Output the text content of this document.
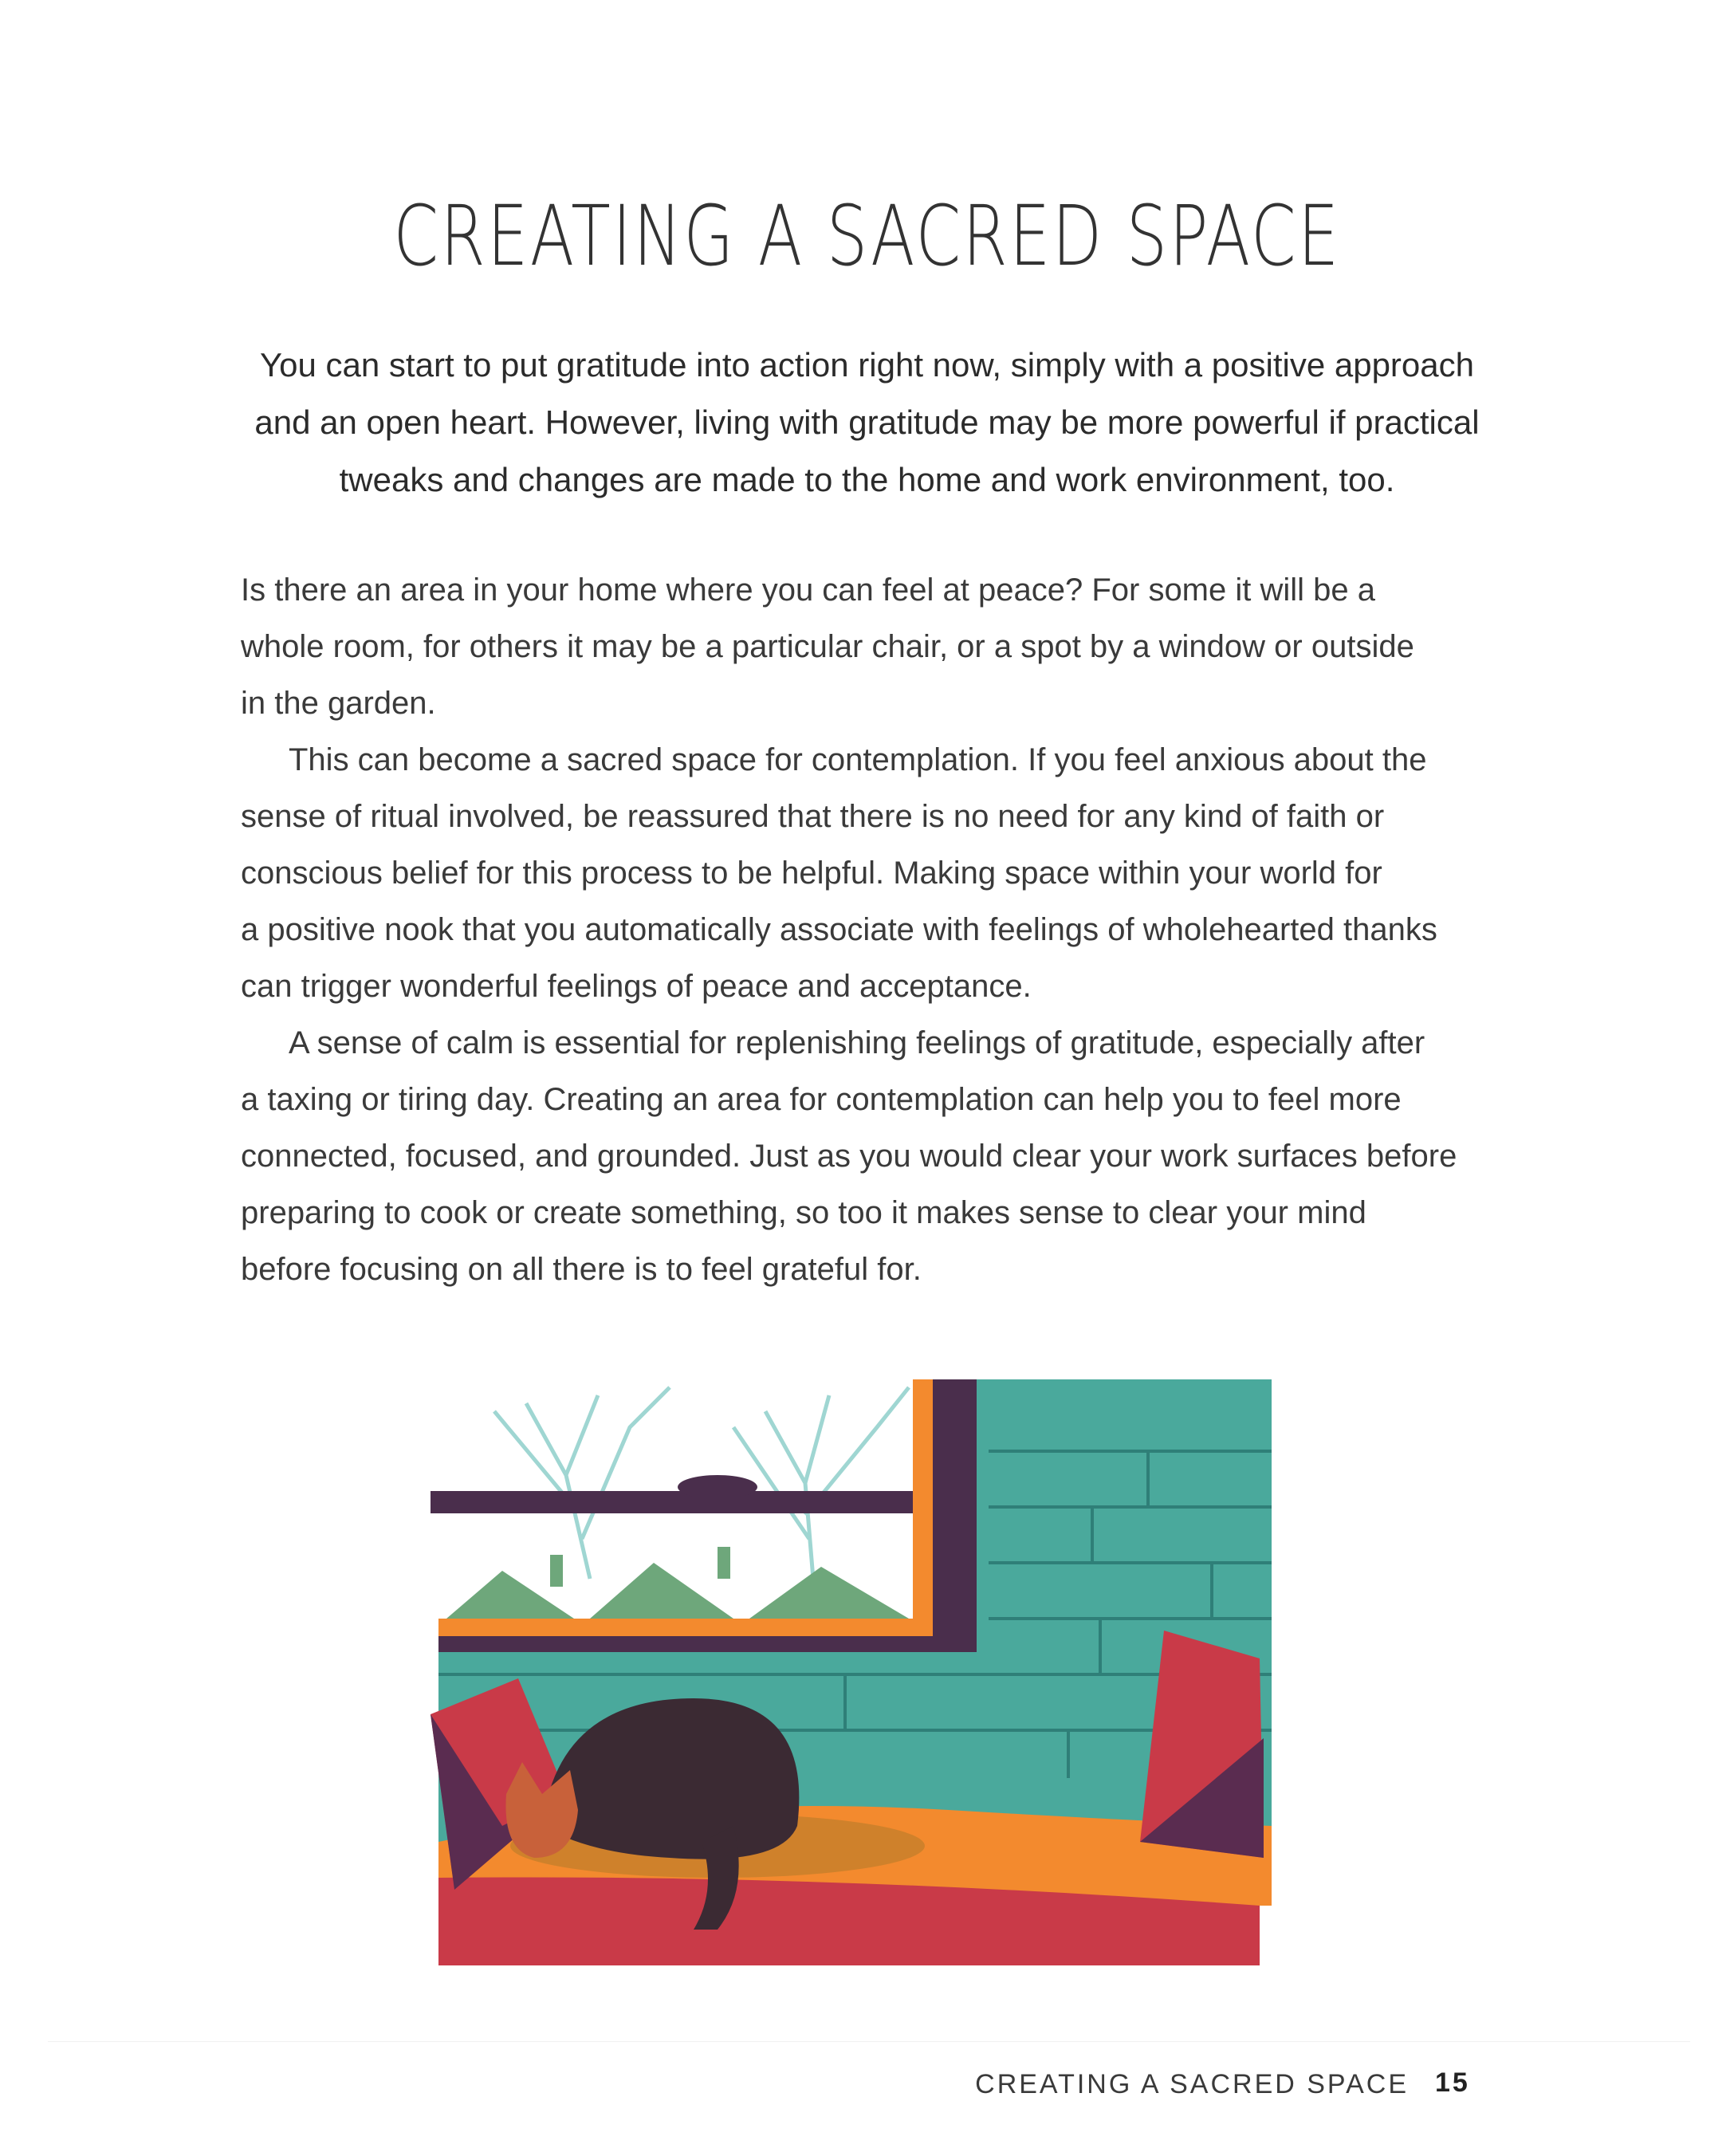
CREATING A SACRED SPACE
You can start to put gratitude into action right now, simply with a positive approach
and an open heart. However, living with gratitude may be more powerful if practical
tweaks and changes are made to the home and work environment, too.
Is there an area in your home where you can feel at peace? For some it will be a
whole room, for others it may be a particular chair, or a spot by a window or outside
in the garden.
This can become a sacred space for contemplation. If you feel anxious about the
sense of ritual involved, be reassured that there is no need for any kind of faith or
conscious belief for this process to be helpful. Making space within your world for
a positive nook that you automatically associate with feelings of wholehearted thanks
can trigger wonderful feelings of peace and acceptance.
A sense of calm is essential for replenishing feelings of gratitude, especially after
a taxing or tiring day. Creating an area for contemplation can help you to feel more
connected, focused, and grounded. Just as you would clear your work surfaces before
preparing to cook or create something, so too it makes sense to clear your mind
before focusing on all there is to feel grateful for.
CREATING A SACRED SPACE 15
